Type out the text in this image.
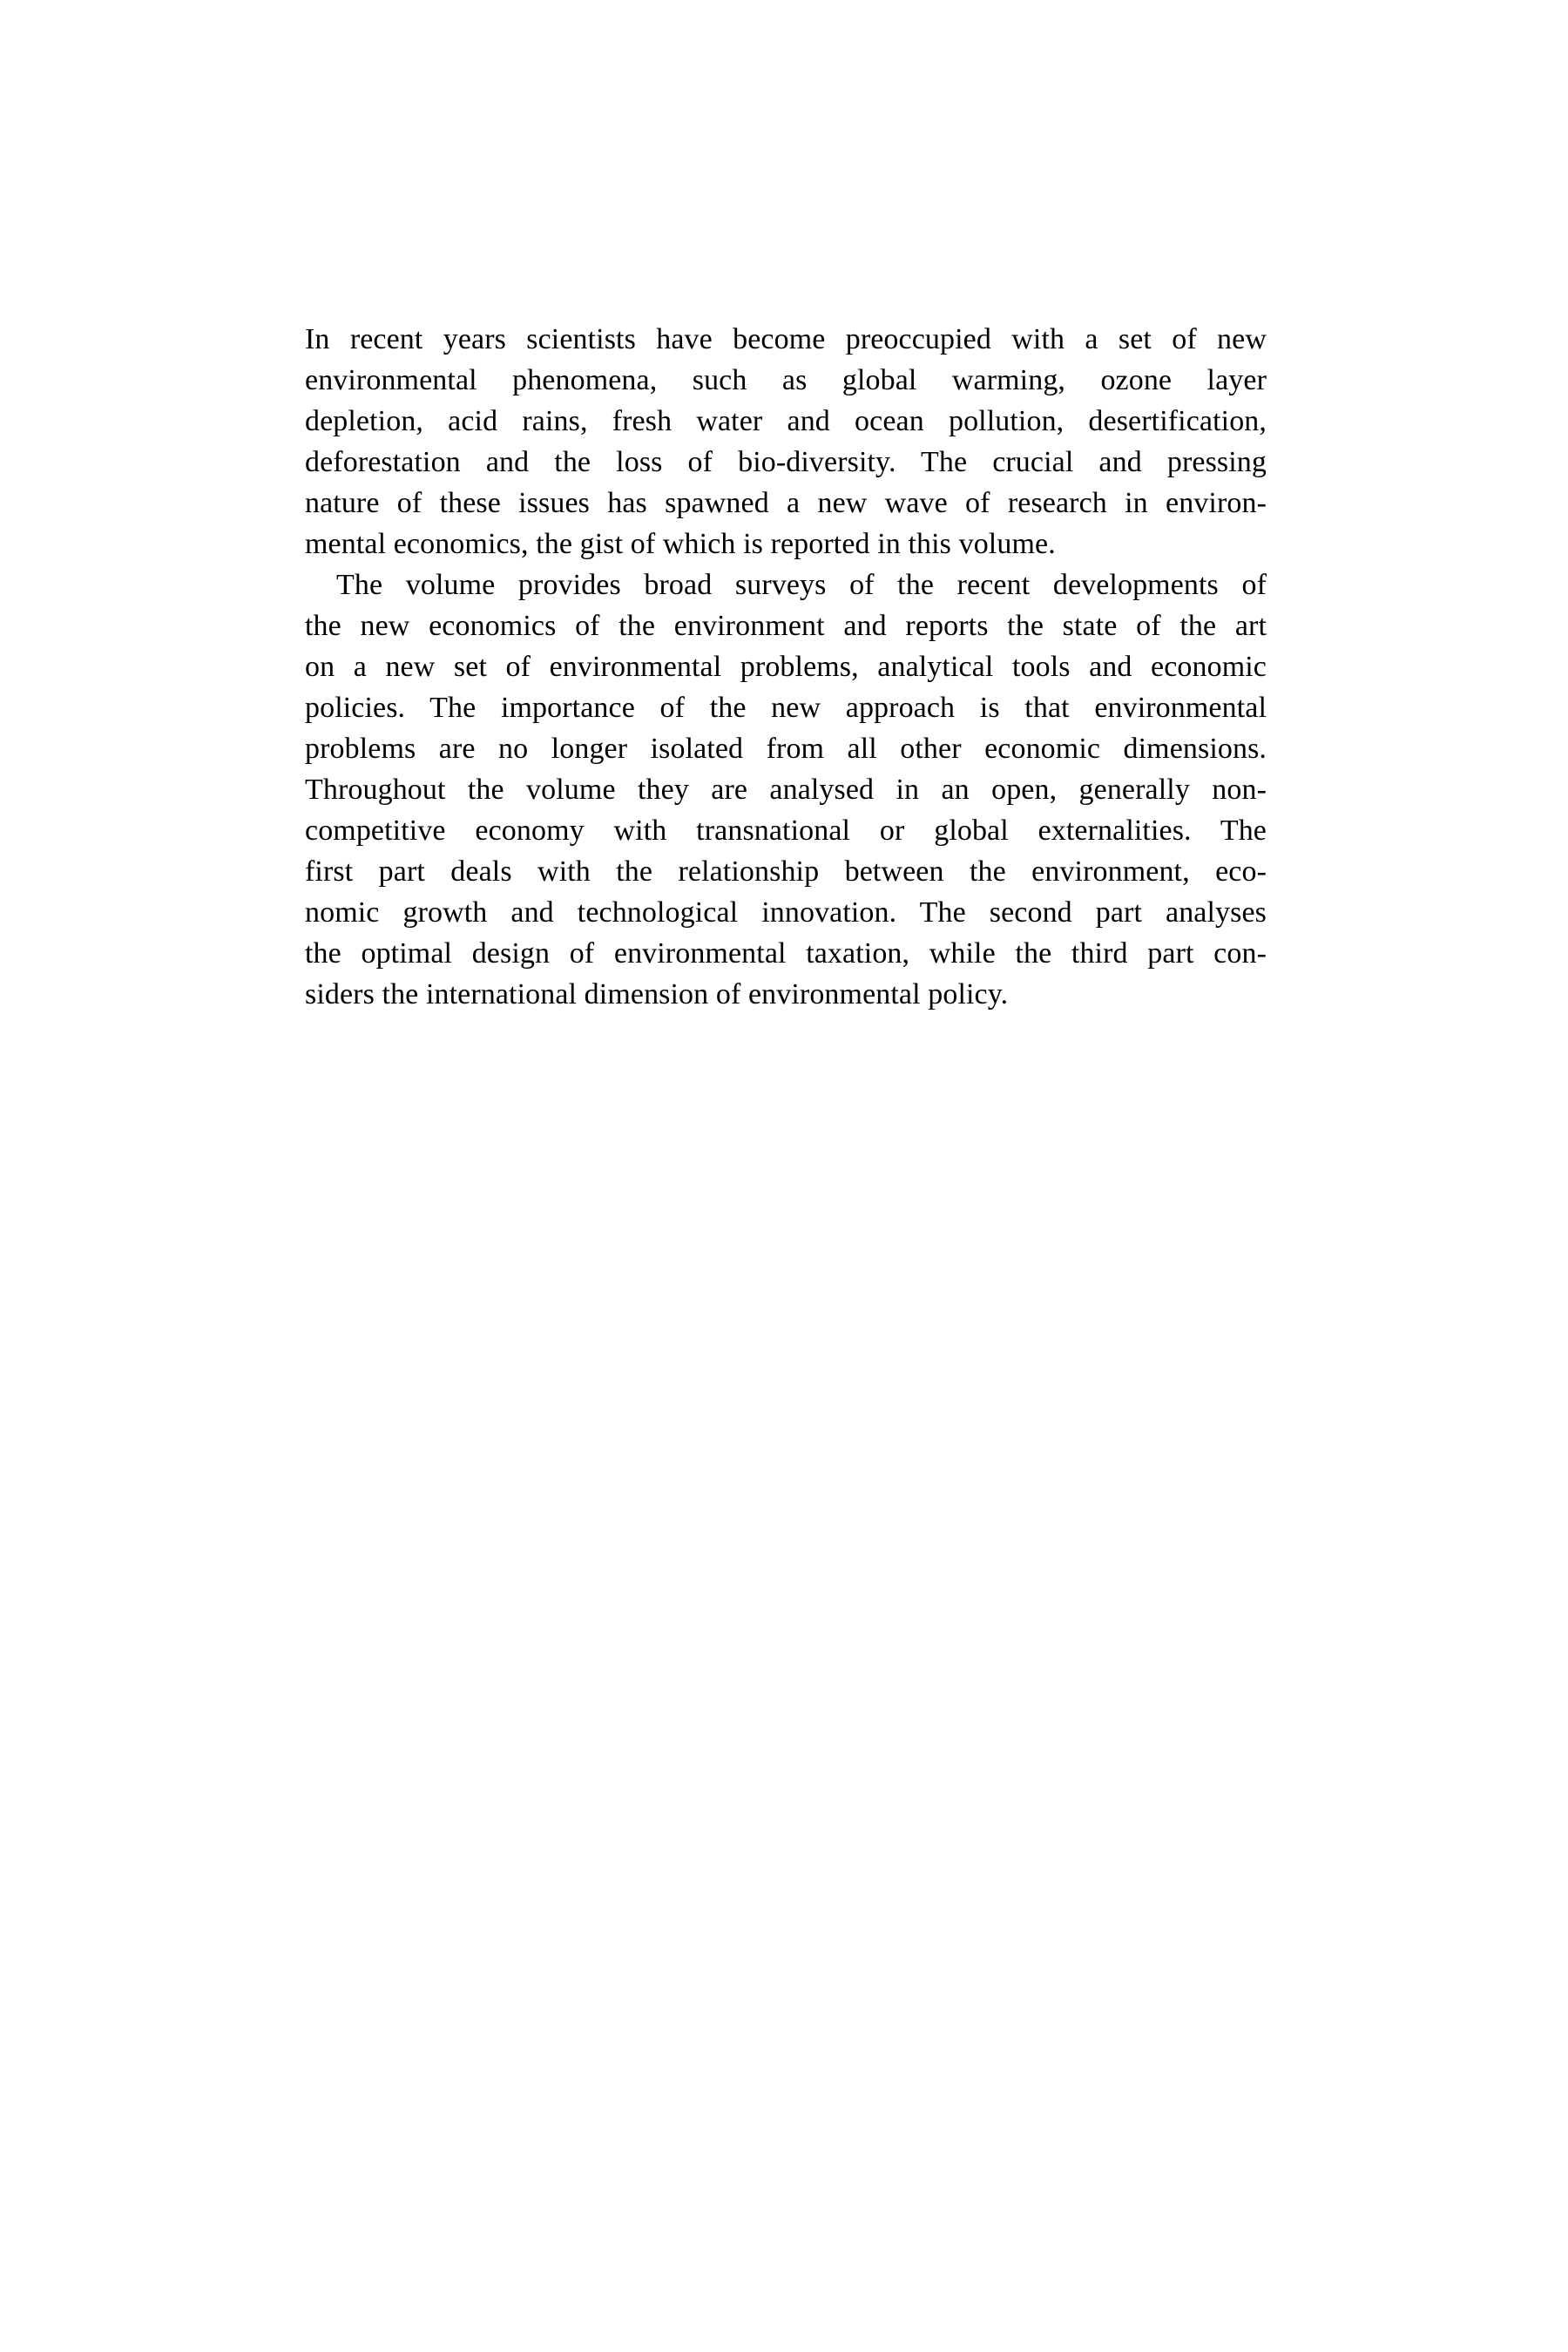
In recent years scientists have become preoccupied with a set of new
environmental phenomena, such as global warming, ozone layer
depletion, acid rains, fresh water and ocean pollution, desertification,
deforestation and the loss of bio-diversity. The crucial and pressing
nature of these issues has spawned a new wave of research in environ-
mental economics, the gist of which is reported in this volume.
The volume provides broad surveys of the recent developments of
the new economics of the environment and reports the state of the art
on a new set of environmental problems, analytical tools and economic
policies. The importance of the new approach is that environmental
problems are no longer isolated from all other economic dimensions.
Throughout the volume they are analysed in an open, generally non-
competitive economy with transnational or global externalities. The
first part deals with the relationship between the environment, eco-
nomic growth and technological innovation. The second part analyses
the optimal design of environmental taxation, while the third part con-
siders the international dimension of environmental policy.
